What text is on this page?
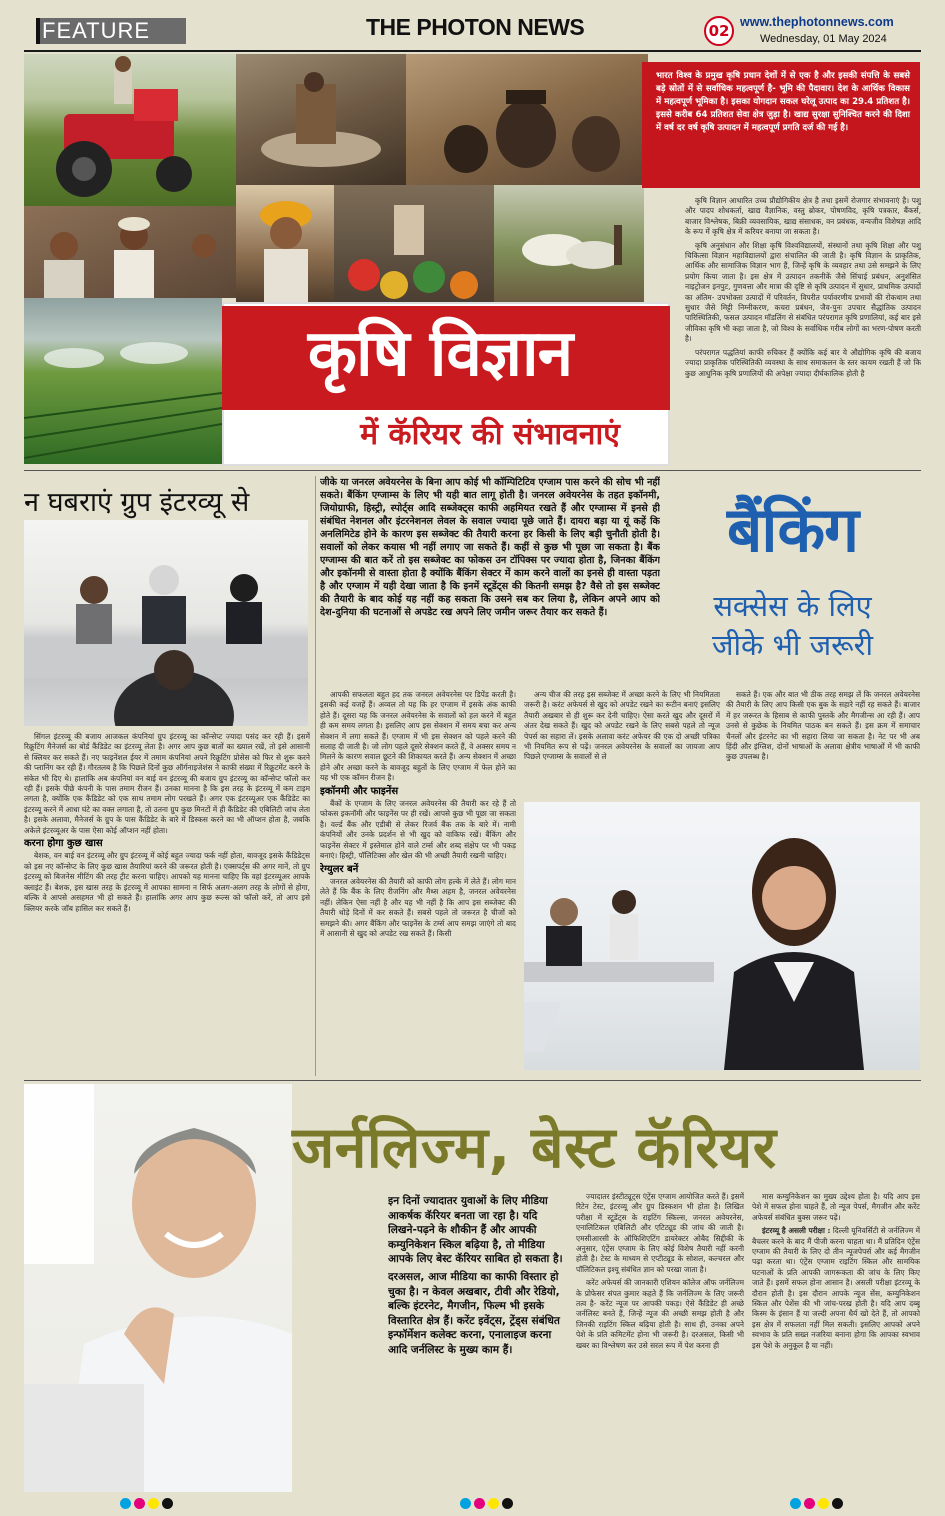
FEATURE	THE PHOTON NEWS	02 www.thephotonnews.com
Wednesday, 01 May 2024
भारत विश्व के प्रमुख कृषि प्रधान देशों में से एक है और इसकी संपत्ति के सबसे बड़े स्रोतों में से सर्वाधिक महत्वपूर्ण है- भूमि की पैदावार। देश के आर्थिक विकास में महत्वपूर्ण भूमिका है। इसका योगदान सकल घरेलू उत्पाद का 29.4 प्रतिशत है। इससे करीब 64 प्रतिशत सेवा क्षेत्र जुड़ा है। खाद्य सुरक्षा सुनिश्चित करने की दिशा में वर्ष दर वर्ष कृषि उत्पादन में महत्वपूर्ण प्रगति दर्ज की गई है।
कृषि विज्ञान
में कॅरियर की संभावनाएं

कृषि विज्ञान आधारित उच्च प्रौद्योगिकीय क्षेत्र है तथा इसमें रोजगार संभावनाएं है। पशु और पादप शोधकर्ता, खाद्य वैज्ञानिक, वस्तु ब्रोकर, पोषणविद, कृषि पत्रकार, बैंकर्स, बाजार विश्लेषक, बिक्री व्यवसायिक, खाद्य संसाधक, वन प्रबंधक, वन्यजीव विशेषज्ञ आदि के रूप में कृषि क्षेत्र में करियर बनाया जा सकता है।

कृषि अनुसंधान और शिक्षा कृषि विश्वविद्यालयों, संस्थानों तथा कृषि शिक्षा और पशु चिकित्सा विज्ञान महाविद्यालयों द्वारा संचालित की जाती है। कृषि विज्ञान के प्राकृतिक, आर्थिक और सामाजिक विज्ञान भाग हैं, जिन्हें कृषि के व्यवहार तथा उसे समझने के लिए प्रयोग किया जाता है। इस क्षेत्र में उत्पादन तकनीकें जैसे सिंचाई प्रबंधन, अनुशंसित नाइट्रोजन इनपुट, गुणवत्ता और मात्रा की दृष्टि से कृषि उत्पादन में सुधार, प्राथमिक उत्पादों का अंतिम- उपभोक्ता उत्पादों में परिवर्तन, विपरीत पर्यावरणीय प्रभावों की रोकथाम तथा सुधार जैसे मिट्टी निम्नीकरण, कचरा प्रबंधन, जैव-पुनः उपचार सैद्धांतिक उत्पादन पारिस्थितिकी, फसल उत्पादन मॉडलिंग से संबंधित परंपरागत कृषि प्रणालियां, कई बार इसे जीविका कृषि भी कहा जाता है, जो विश्व के सर्वाधिक गरीब लोगों का भरण-पोषण करती है।

परंपरागत पद्धतियां काफी रुचिकर हैं क्योंकि कई बार ये औद्योगिक कृषि की बजाय ज्यादा प्राकृतिक परिस्थितिकी व्यवस्था के साथ समाकलन के स्तर कायम रखती हैं जो कि कुछ आधुनिक कृषि प्रणालियों की अपेक्षा ज्यादा दीर्घकालिक होती है

न घबराएं ग्रुप इंटरव्यू से

सिंगल इंटरव्यू की बजाय आजकल कंपनियां ग्रुप इंटरव्यू का कॉन्सेप्ट ज्यादा पसंद कर रही हैं। इसमें रिक्रूटिंग मैनेजर्स का बोर्ड कैंडिडेट का इंटरव्यू लेता है। अगर आप कुछ बातों का ख्याल रखें, तो इसे आसानी से क्लियर कर सकते हैं। नए फाइनेंशल ईयर में तमाम कंपनियां अपने रिक्रूटिंग प्रोसेस को फिर से शुरू करने की प्लानिंग कर रही हैं। गौरतलब है कि पिछले दिनों कुछ ऑर्गनाइजेशंस ने काफी संख्या में रिक्रूटमेंट करने के संकेत भी दिए थे। हालांकि अब कंपनियां वन बाई वन इंटरव्यू की बजाय ग्रुप इंटरव्यू का कॉन्सेप्ट फॉलो कर रही हैं। इसके पीछे कंपनी के पास तमाम रीजन हैं। उनका मानना है कि इस तरह के इंटरव्यू में कम टाइम लगता है, क्योंकि एक कैंडिडेट को एक साथ तमाम लोग परखते हैं। अगर एक इंटरव्यूअर एक कैंडिडेट का इंटरव्यू करने में आधा घंटे का वक्त लगाता है, तो उतना ग्रुप कुछ मिनटों में ही कैंडिडेट की एबिलिटी जांच लेता है। इसके अलावा, मैनेजर्स के ग्रुप के पास कैंडिडेट के बारे में डिस्कस करने का भी ऑप्शन होता है, जबकि अकेले इंटरव्यूअर के पास ऐसा कोई ऑप्शन नहीं होता।

करना होगा कुछ खास

बेशक, वन बाई वन इंटरव्यू और ग्रुप इंटरव्यू में कोई बहुत ज्यादा फर्क नहीं होता, बावजूद इसके कैंडिडेट्स को इस नए कॉन्सेप्ट के लिए कुछ खास तैयारियां करने की जरूरत होती है। एक्सपर्ट्स की अगर मानें, तो ग्रुप इंटरव्यू को बिजनेस मीटिंग की तरह ट्रीट करना चाहिए। आपको यह मानना चाहिए कि वहां इंटरव्यूअर आपके क्लाइंट हैं। बेशक, इस खास तरह के इंटरव्यू में आपका सामना न सिर्फ अलग-अलग तरह के लोगों से होगा, बल्कि वे आपसे असहमत भी हो सकते हैं। हालांकि अगर आप कुछ रूल्स को फॉलो करें, तो आप इसे क्लियर करके जॉब हासिल कर सकते हैं।

जीके या जनरल अवेयरनेस के बिना आप कोई भी कॉम्पिटिटिव एग्जाम पास करने की सोच भी नहीं सकते। बैंकिंग एग्जाम्स के लिए भी यही बात लागू होती है। जनरल अवेयरनेस के तहत इकॉनमी, जियोग्राफी, हिस्ट्री, स्पोर्ट्स आदि सब्जेक्ट्स काफी अहमियत रखते हैं और एग्जाम्स में इनसे ही संबंधित नेशनल और इंटरनेशनल लेवल के सवाल ज्यादा पूछे जाते हैं। दायरा बड़ा या यूं कहें कि अनलिमिटेड होने के कारण इस सब्जेक्ट की तैयारी करना हर किसी के लिए बड़ी चुनौती होती है। सवालों को लेकर कयास भी नहीं लगाए जा सकते हैं। कहीं से कुछ भी पूछा जा सकता है। बैंक एग्जाम्स की बात करें तो इस सब्जेक्ट का फोकस उन टॉपिक्स पर ज्यादा होता है, जिनका बैंकिंग और इकॉनमी से वास्ता होता है क्योंकि बैंकिंग सेक्टर में काम करने वालों का इनसे ही वास्ता पड़ता है और एग्जाम में यही देखा जाता है कि इनमें स्टूडेंट्स की कितनी समझ है? वैसे तो इस सब्जेक्ट की तैयारी के बाद कोई यह नहीं कह सकता कि उसने सब कर लिया है, लेकिन अपने आप को देश-दुनिया की घटनाओं से अपडेट रख अपने लिए जमीन जरूर तैयार कर सकते हैं।

बैंकिंग
सक्सेस के लिए
जीके भी जरूरी

आपकी सफलता बहुत हद तक जनरल अवेयरनेस पर डिपेंड करती है। इसकी कई वजहें हैं। अव्वल तो यह कि हर एग्जाम में इसके अंक काफी होते हैं। दूसरा यह कि जनरल अवेयरनेस के सवालों को हल करने में बहुत ही कम समय लगता है। इसलिए आप इस सेक्शन में समय बचा कर अन्य सेक्शन में लगा सकते हैं। एग्जाम में भी इस सेक्शन को पहले करने की सलाह दी जाती है। जो लोग पहले दूसरे सेक्शन करते हैं, वे अक्सर समय न मिलने के कारण सवाल छूटने की शिकायत करते हैं। अन्य सेक्शन में अच्छा होने और अच्छा करने के बावजूद बहुतों के लिए एग्जाम में फेल होने का यह भी एक कॉमन रीजन है।

इकॉनमी और फाइनेंस

बैंकों के एग्जाम के लिए जनरल अवेयरनेस की तैयारी कर रहे हैं तो फोकस इकनॉमी और फाइनेंस पर ही रखें। आपसे कुछ भी पूछा जा सकता है। वर्ल्ड बैंक और एडीबी से लेकर रिजर्व बैंक तक के बारे में। नामी कंपनियों और उनके प्रदर्शन से भी खुद को वाकिफ रखें। बैंकिंग और फाइनेंस सेक्टर में इस्तेमाल होने वाले टर्म्स और शब्द संक्षेप पर भी पकड़ बनाएं। हिस्ट्री, पॉलिटिक्स और खेल की भी अच्छी तैयारी रखनी चाहिए।

रेग्युलर बनें

जनरल अवेयरनेस की तैयारी को काफी लोग हल्के में लेते हैं। लोग मान लेते हैं कि बैंक के लिए रीजनिंग और मैथ्स अहम है, जनरल अवेयरनेस नहीं। लेकिन ऐसा नहीं है और यह भी नहीं है कि आप इस सब्जेक्ट की तैयारी थोड़े दिनों में कर सकते हैं। सबसे पहले तो जरूरत है चीजों को समझने की। अगर बैंकिंग और फाइनेंस के टर्म्स आप समझ जाएंगे तो बाद में आसानी से खुद को अपडेट रख सकते हैं। किसी

अन्य चीज की तरह इस सब्जेक्ट में अच्छा करने के लिए भी नियमितता जरूरी है। करंट अफेयर्स से खुद को अपडेट रखने का रूटीन बनाएं इसलिए तैयारी अखबार से ही शुरू कर देनी चाहिए। ऐसा करते खुद और दूसरों में अंतर देख सकते हैं। खुद को अपडेट रखने के लिए सबसे पहले तो न्यूज पेपर्स का सहारा लें। इसके अलावा करंट अफेयर की एक दो अच्छी पत्रिका भी नियमित रूप से पढ़ें। जनरल अवेयरनेस के सवालों का जायजा आप पिछले एग्जाम्स के सवालों से ले

सकते हैं। एक और बात भी ठीक तरह समझ लें कि जनरल अवेयरनेस की तैयारी के लिए आप किसी एक बुक के सहारे नहीं रह सकते हैं। बाजार में हर जरूरत के हिसाब से काफी पुस्तकें और मैगजीन्स आ रही हैं। आप उनसे से कुछेक के नियमित पाठक बन सकते हैं। इस क्रम में समाचार चैनलों और इंटरनेट का भी सहारा लिया जा सकता है। नेट पर भी अब हिंदी और इंग्लिश, दोनों भाषाओं के अलावा क्षेत्रीय भाषाओं में भी काफी कुछ उपलब्ध है।

जर्नलिज्म, बेस्ट कॅरियर

इन दिनों ज्यादातर युवाओं के लिए मीडिया आकर्षक कॅरियर बनता जा रहा है। यदि लिखने-पढ़ने के शौकीन हैं और आपकी कम्युनिकेशन स्किल बढ़िया है, तो मीडिया आपके लिए बेस्ट कॅरियर साबित हो सकता है।

दरअसल, आज मीडिया का काफी विस्तार हो चुका है। न केवल अखबार, टीवी और रेडियो, बल्कि इंटरनेट, मैगजीन, फिल्म भी इसके विस्तारित क्षेत्र हैं। करेंट इवेंट्स, ट्रेंड्स संबंधित इन्फॉर्मेशन कलेक्ट करना, एनालाइज करना आदि जर्नलिस्ट के मुख्य काम हैं।

ज्यादातर इंस्टीट्यूट्स एंट्रेंस एग्जाम आयोजित करते हैं। इसमें रिटेन टेस्ट, इंटरव्यू और ग्रुप डिस्कशन भी होता है। लिखित परीक्षा में स्टूडेंट्स के राइटिंग स्किल्स, जनरल अवेयरनेस, एनालिटिकल एबिलिटी और एटिट्यूड की जांच की जाती है। एमसीआरसी के ऑफिशिएटिंग डायरेक्टर ओबैद सिद्दीकी के अनुसार, एंट्रेंस एग्जाम के लिए कोई विशेष तैयारी नहीं करनी होती है। टेस्ट के माध्यम से एप्टीट्यूड के सोशल, कल्चरल और पॉलिटिकल इश्यू संबंधित ज्ञान को परखा जाता है।

करेंट अफेयर्स की जानकारी एशियन कॉलेज ऑफ जर्नलिज्म के प्रोफेसर संपत कुमार कहते हैं कि जर्नलिज्म के लिए जरूरी तत्व है- करेंट न्यूज पर आपकी पकड़। ऐसे कैंडिडेट ही अच्छे जर्नलिस्ट बनते हैं, जिन्हें न्यूज की अच्छी समझ होती है और जिनकी राइटिंग स्किल बढ़िया होती है। साथ ही, उनका अपने पेशे के प्रति कमिटमेंट होना भी जरूरी है। दरअसल, किसी भी खबर का विश्लेषण कर उसे सरल रूप में पेश करना ही

मास कम्युनिकेशन का मुख्य उद्देश्य होता है। यदि आप इस पेशे में सफल होना चाहते हैं, तो न्यूज पेपर्स, मैगजीन और करेंट अफेयर्स संबंधित बुक्स जरूर पढ़ें।

इंटरव्यू है असली परीक्षा : दिल्ली यूनिवर्सिटी से जर्नलिज्म में बैचलर करने के बाद मैं पीजी करना चाहता था। मैं प्रतिदिन एंट्रेंस एग्जाम की तैयारी के लिए दो तीन न्यूजपेपर्स और कई मैगजीन पढ़ा करता था। एंट्रेंस एग्जाम राइटिंग स्किल और सामयिक घटनाओं के प्रति आपकी जागरूकता की जांच के लिए किए जाते हैं। इसमें सफल होना आसान है। असली परीक्षा इंटरव्यू के दौरान होती है। इस दौरान आपके न्यूज सेंस, कम्युनिकेशन स्किल और पेशेंस की भी जांच-परख होती है। यदि आप दब्बू किस्म के इंसान हैं या जल्दी अपना धैर्य खो देते हैं, तो आपको इस क्षेत्र में सफलता नहीं मिल सकती। इसलिए आपको अपने स्वभाव के प्रति सख्त नजरिया बनाना होगा कि आपका स्वभाव इस पेशे के अनुकूल है या नहीं।
